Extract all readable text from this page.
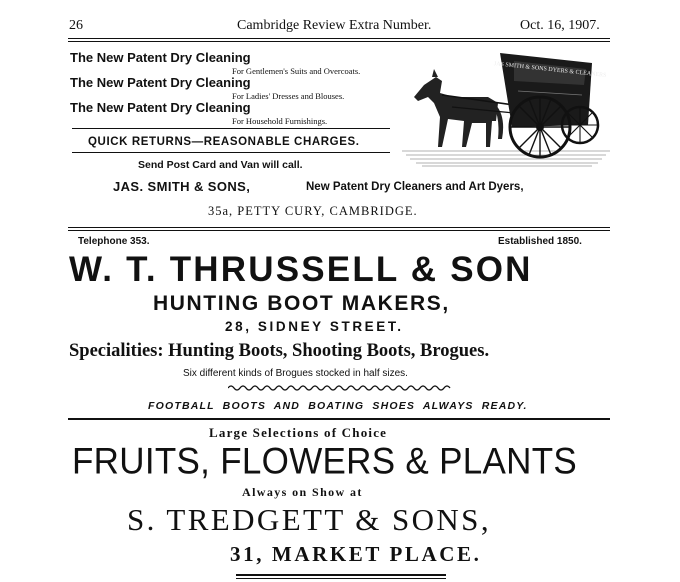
26	Cambridge Review Extra Number.	Oct. 16, 1907.
The New Patent Dry Cleaning
For Gentlemen's Suits and Overcoats.
The New Patent Dry Cleaning
For Ladies' Dresses and Blouses.
The New Patent Dry Cleaning
For Household Furnishings.
QUICK RETURNS—REASONABLE CHARGES.
Send Post Card and Van will call.
JAS SMITH & SONS DYERS & CLEANERS
JAS. SMITH & SONS,	New Patent Dry Cleaners and Art Dyers,
35a, PETTY CURY, CAMBRIDGE.
Telephone 353.	Established 1850.
W. T. THRUSSELL & SON
HUNTING BOOT MAKERS,
28, SIDNEY STREET.
Specialities: Hunting Boots, Shooting Boots, Brogues.
Six different kinds of Brogues stocked in half sizes.
FOOTBALL BOOTS AND BOATING SHOES ALWAYS READY.
Large Selections of Choice
FRUITS, FLOWERS & PLANTS
Always on Show at
S. TREDGETT & SONS,
31, MARKET PLACE.
